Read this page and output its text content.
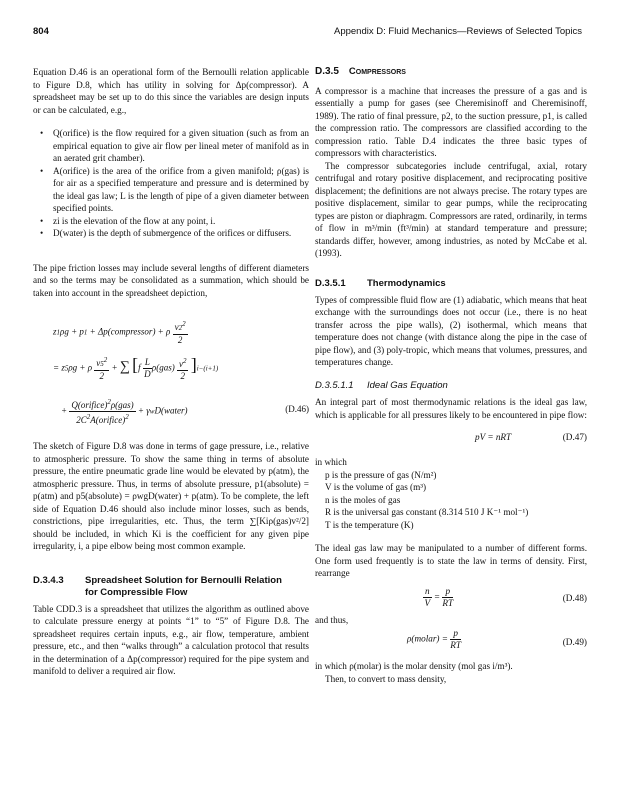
804	Appendix D: Fluid Mechanics—Reviews of Selected Topics

Equation D.46 is an operational form of the Bernoulli relation applicable to Figure D.8, which has utility in solving for Δp(compressor). A spreadsheet may be set up to do this since the variables are design inputs or can be calculated, e.g.,

• Q(orifice) is the flow required for a given situation (such as from an empirical equation to give air flow per lineal meter of manifold as in an aerated grit chamber).
• A(orifice) is the area of the orifice from a given manifold; ρ(gas) is for air as a specified temperature and pressure and is determined by the ideal gas law; L is the length of pipe of a given diameter between specified points.
• zi is the elevation of the flow at any point, i.
• D(water) is the depth of submergence of the orifices or diffusers.

The pipe friction losses may include several lengths of different diameters and so the terms may be consolidated as a summation, which should be taken into account in the spreadsheet depiction,

z1ρg + p1 + Δp(compressor) + ρ $\frac{v2^2}{2}$
= z5ρg + ρ $\frac{v5^2}{2}$ + ∑ $[f \frac{L}{D} \rho(gas) \frac{v^2}{2} ]i-(i+1)$
+ $\frac{Q(orifice)^2\rho(gas)}{2C^2A(orifice)^2}$ + γwD(water)	(D.46)

The sketch of Figure D.8 was done in terms of gage pressure, i.e., relative to atmospheric pressure. To show the same thing in terms of absolute pressure, the entire pneumatic grade line would be elevated by p(atm), the atmospheric pressure. Thus, in terms of absolute pressure, p1(absolute) = p(atm) and p5(absolute) = ρwgD(water) + p(atm). To be complete, the left side of Equation D.46 should also include minor losses, such as bends, constrictions, pipe irregularities, etc. Thus, the term ∑[Kiρ(gas)v²/2] should be included, in which Ki is the coefficient for any given pipe irregularity, i, a pipe elbow being most common example.

D.3.4.3 Spreadsheet Solution for Bernoulli Relation
for Compressible Flow

Table CDD.3 is a spreadsheet that utilizes the algorithm as outlined above to calculate pressure energy at points “1” to “5” of Figure D.8. The spreadsheet requires certain inputs, e.g., air flow, temperature, ambient pressure, etc., and then “walks through” a calculation protocol that results in the determination of a Δp(compressor) required for the pipe system and manifold to deliver a required air flow.

D.3.5 Compressors

A compressor is a machine that increases the pressure of a gas and is essentially a pump for gases (see Cheremisinoff and Cheremisinoff, 1989). The ratio of final pressure, p2, to the suction pressure, p1, is called the compression ratio. The compressors are classified according to the compression ratio. Table D.4 indicates the three basic types of compressors with characteristics.

The compressor subcategories include centrifugal, axial, rotary centrifugal and rotary positive displacement, and reciprocating positive displacement; the definitions are not always precise. The rotary types are positive displacement, similar to gear pumps, while the reciprocating types are piston or diaphragm. Compressors are rated, ordinarily, in terms of flow in m³/min (ft³/min) at standard temperature and pressure; standards differ, however, among industries, as noted by McCabe et al. (1993).

D.3.5.1 Thermodynamics

Types of compressible fluid flow are (1) adiabatic, which means that heat exchange with the surroundings does not occur (i.e., there is no heat transfer across the pipe walls), (2) isothermal, which means that temperature does not change (with distance along the pipe in the case of pipe flow), and (3) poly-tropic, which means that volumes, pressures, and temperatures change.

D.3.5.1.1 Ideal Gas Equation

An integral part of most thermodynamic relations is the ideal gas law, which is applicable for all pressures likely to be encountered in pipe flow:

pV = nRT	(D.47)

in which

p is the pressure of gas (N/m²)
V is the volume of gas (m³)
n is the moles of gas
R is the universal gas constant (8.314 510 J K⁻¹ mol⁻¹)
T is the temperature (K)

The ideal gas law may be manipulated to a number of different forms. One form used frequently is to state the law in terms of density. First, rearrange

$\frac{n}{V} = \frac{p}{RT}$	(D.48)

and thus,

ρ(molar) = $\frac{p}{RT}$	(D.49)

in which ρ(molar) is the molar density (mol gas i/m³).

Then, to convert to mass density,
